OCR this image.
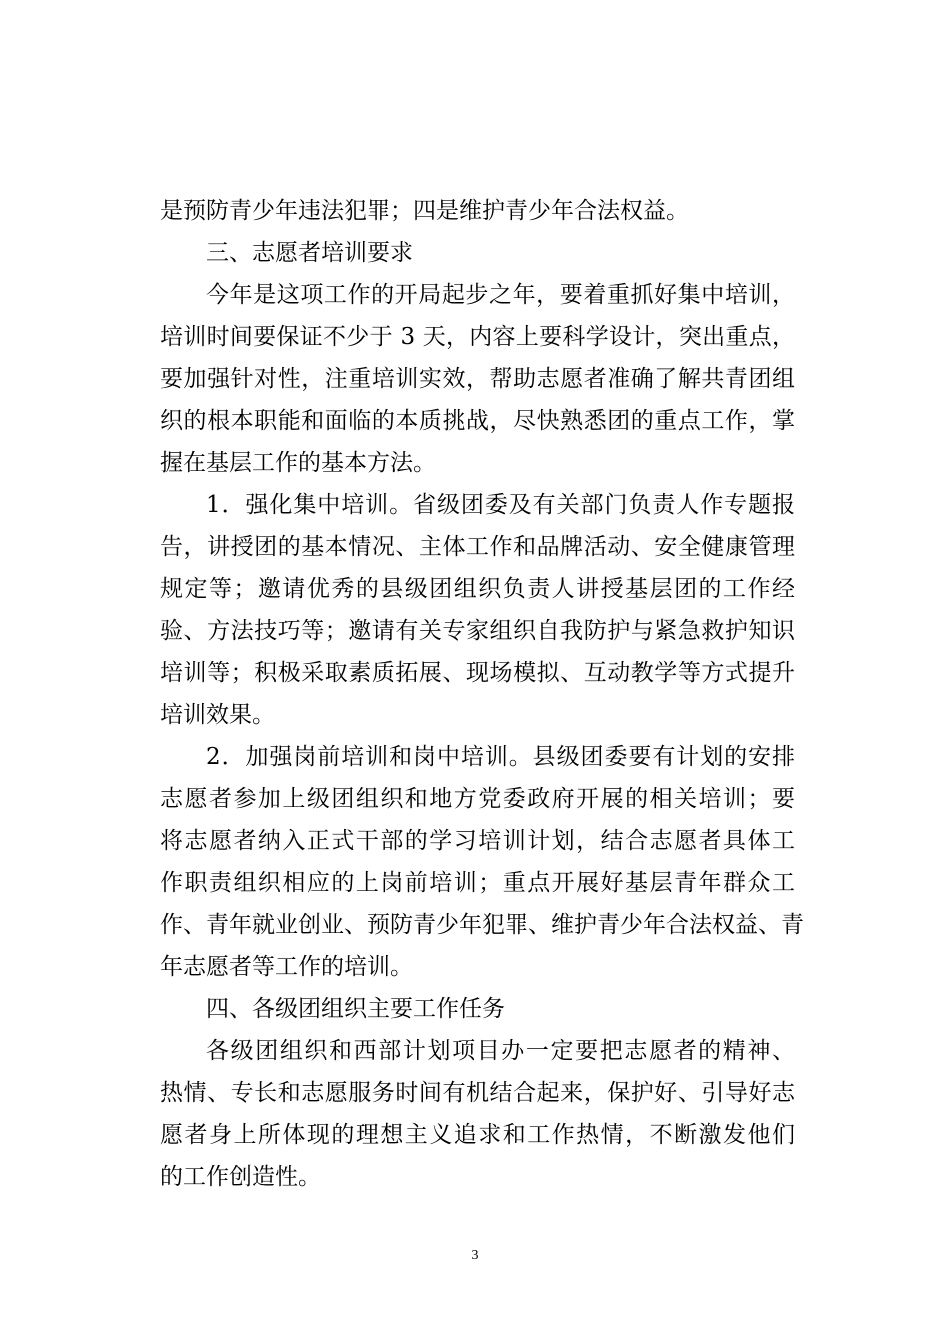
是预防青少年违法犯罪；四是维护青少年合法权益。
三、志愿者培训要求
今年是这项工作的开局起步之年，要着重抓好集中培训，
培训时间要保证不少于 3 天，内容上要科学设计，突出重点，
要加强针对性，注重培训实效，帮助志愿者准确了解共青团组
织的根本职能和面临的本质挑战，尽快熟悉团的重点工作，掌
握在基层工作的基本方法。
1．强化集中培训。省级团委及有关部门负责人作专题报
告，讲授团的基本情况、主体工作和品牌活动、安全健康管理
规定等；邀请优秀的县级团组织负责人讲授基层团的工作经
验、方法技巧等；邀请有关专家组织自我防护与紧急救护知识
培训等；积极采取素质拓展、现场模拟、互动教学等方式提升
培训效果。
2．加强岗前培训和岗中培训。县级团委要有计划的安排
志愿者参加上级团组织和地方党委政府开展的相关培训；要
将志愿者纳入正式干部的学习培训计划，结合志愿者具体工
作职责组织相应的上岗前培训；重点开展好基层青年群众工
作、青年就业创业、预防青少年犯罪、维护青少年合法权益、青
年志愿者等工作的培训。
四、各级团组织主要工作任务
各级团组织和西部计划项目办一定要把志愿者的精神、
热情、专长和志愿服务时间有机结合起来，保护好、引导好志
愿者身上所体现的理想主义追求和工作热情，不断激发他们
的工作创造性。
3
